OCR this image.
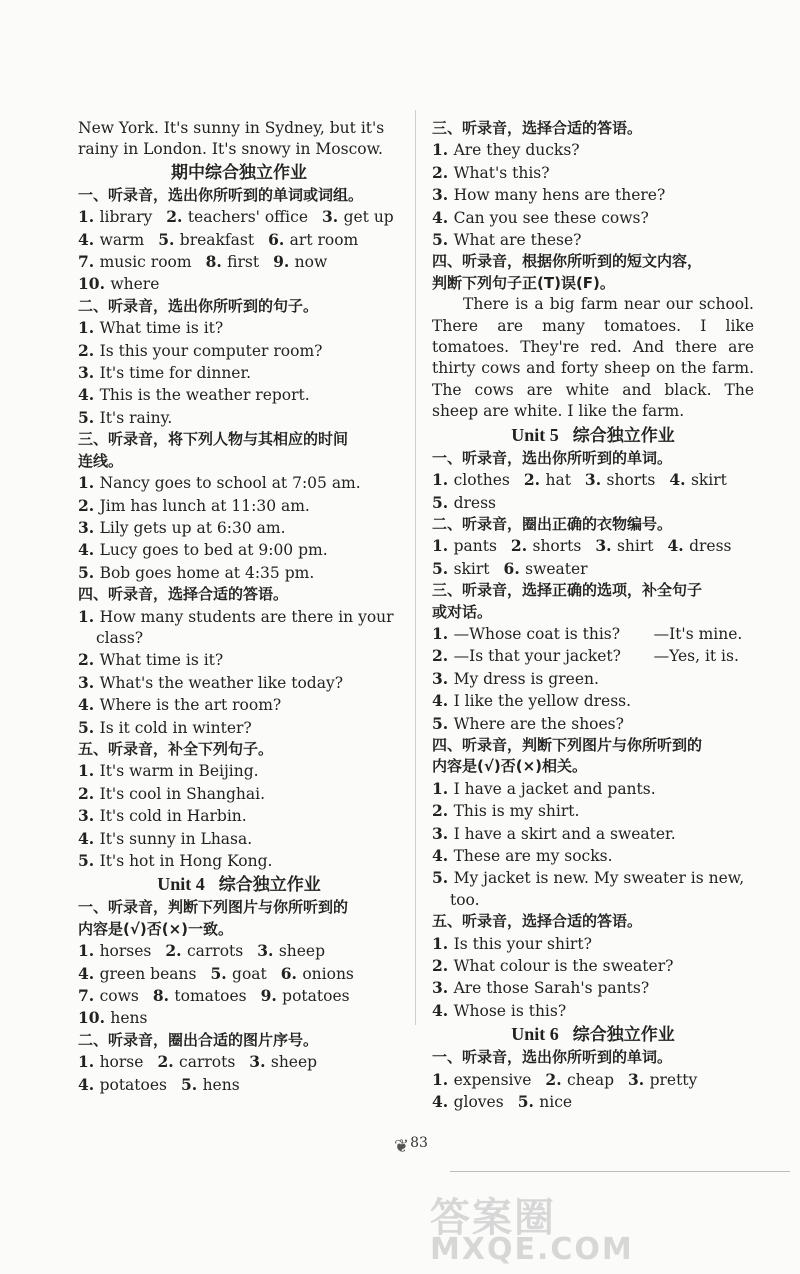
New York. It's sunny in Sydney, but it's
rainy in London. It's snowy in Moscow.
期中综合独立作业
一、听录音，选出你所听到的单词或词组。
1. library 2. teachers' office 3. get up
4. warm 5. breakfast 6. art room
7. music room 8. first 9. now
10. where
二、听录音，选出你所听到的句子。
1. What time is it?
2. Is this your computer room?
3. It's time for dinner.
4. This is the weather report.
5. It's rainy.
三、听录音，将下列人物与其相应的时间
连线。
1. Nancy goes to school at 7:05 am.
2. Jim has lunch at 11:30 am.
3. Lily gets up at 6:30 am.
4. Lucy goes to bed at 9:00 pm.
5. Bob goes home at 4:35 pm.
四、听录音，选择合适的答语。
1. How many students are there in your
class?
2. What time is it?
3. What's the weather like today?
4. Where is the art room?
5. Is it cold in winter?
五、听录音，补全下列句子。
1. It's warm in Beijing.
2. It's cool in Shanghai.
3. It's cold in Harbin.
4. It's sunny in Lhasa.
5. It's hot in Hong Kong.
Unit 4 综合独立作业
一、听录音，判断下列图片与你所听到的
内容是(√)否(×)一致。
1. horses 2. carrots 3. sheep
4. green beans 5. goat 6. onions
7. cows 8. tomatoes 9. potatoes
10. hens
二、听录音，圈出合适的图片序号。
1. horse 2. carrots 3. sheep
4. potatoes 5. hens
三、听录音，选择合适的答语。
1. Are they ducks?
2. What's this?
3. How many hens are there?
4. Can you see these cows?
5. What are these?
四、听录音，根据你所听到的短文内容，
判断下列句子正(T)误(F)。
There is a big farm near our school. There are many tomatoes. I like tomatoes. They're red. And there are thirty cows and forty sheep on the farm. The cows are white and black. The sheep are white. I like the farm.
Unit 5 综合独立作业
一、听录音，选出你所听到的单词。
1. clothes 2. hat 3. shorts 4. skirt
5. dress
二、听录音，圈出正确的衣物编号。
1. pants 2. shorts 3. shirt 4. dress
5. skirt 6. sweater
三、听录音，选择正确的选项，补全句子
或对话。
1. —Whose coat is this? —It's mine.
2. —Is that your jacket? —Yes, it is.
3. My dress is green.
4. I like the yellow dress.
5. Where are the shoes?
四、听录音，判断下列图片与你所听到的
内容是(√)否(×)相关。
1. I have a jacket and pants.
2. This is my shirt.
3. I have a skirt and a sweater.
4. These are my socks.
5. My jacket is new. My sweater is new,
too.
五、听录音，选择合适的答语。
1. Is this your shirt?
2. What colour is the sweater?
3. Are those Sarah's pants?
4. Whose is this?
Unit 6 综合独立作业
一、听录音，选出你所听到的单词。
1. expensive 2. cheap 3. pretty
4. gloves 5. nice
❦ 83
答案圈
MXQE.COM
